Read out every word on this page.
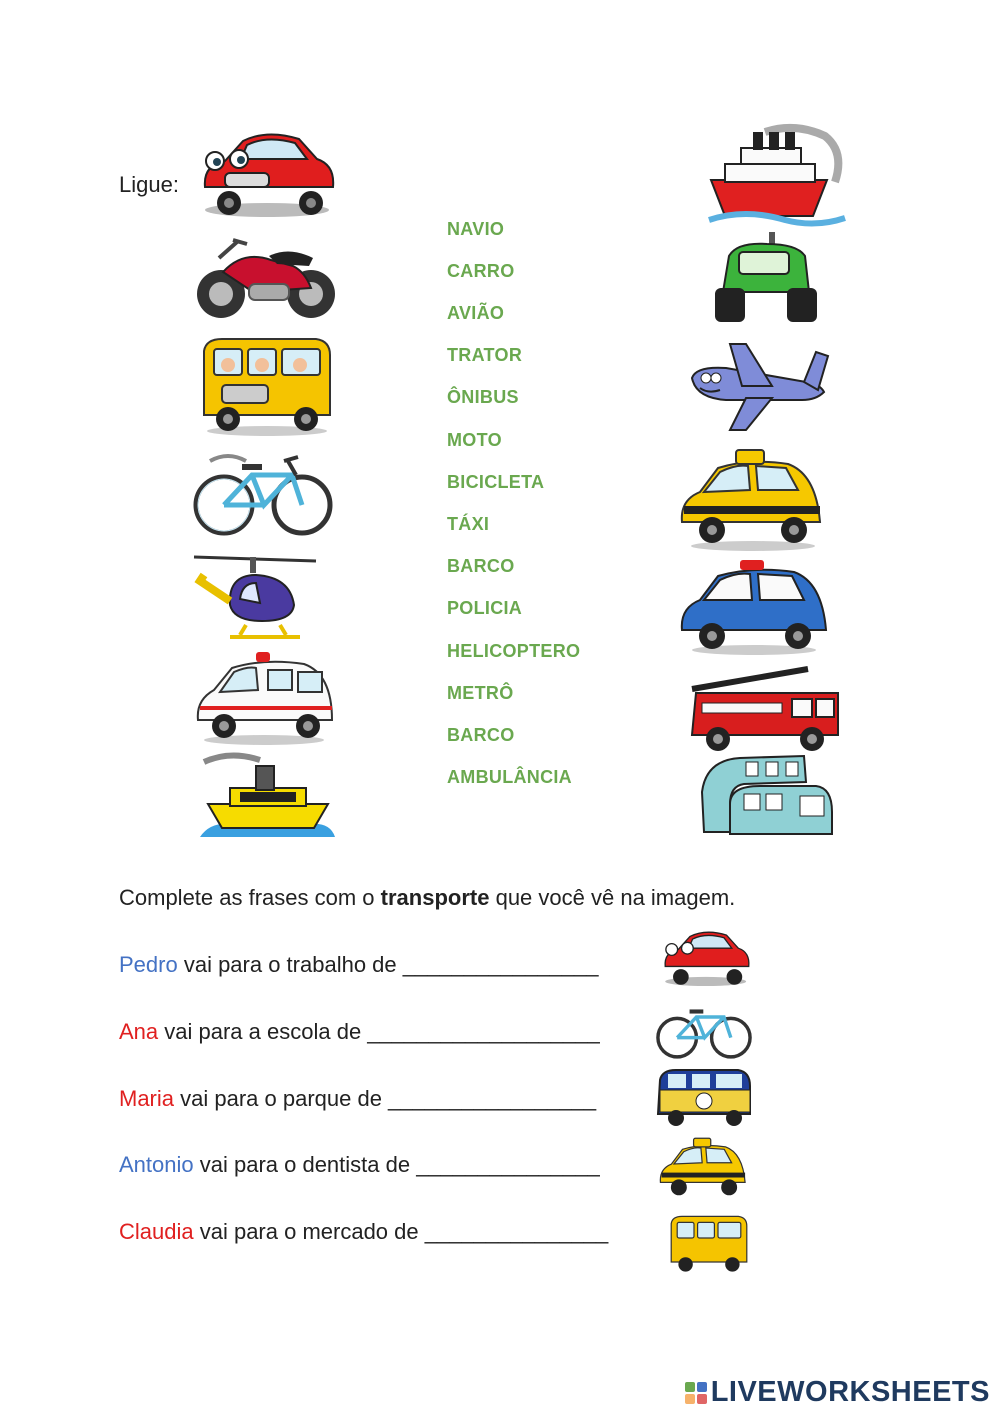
Ligue:
NAVIO
CARRO
AVIÃO
TRATOR
ÔNIBUS
MOTO
BICICLETA
TÁXI
BARCO
POLICIA
HELICOPTERO
METRÔ
BARCO
AMBULÂNCIA
Complete as frases com o transporte que você vê na imagem.
Pedro vai para o trabalho de ________________
Ana vai para a escola de ___________________
Maria vai para o parque de _________________
Antonio vai para o dentista de _______________
Claudia vai para o mercado de _______________
LIVEWORKSHEETS
